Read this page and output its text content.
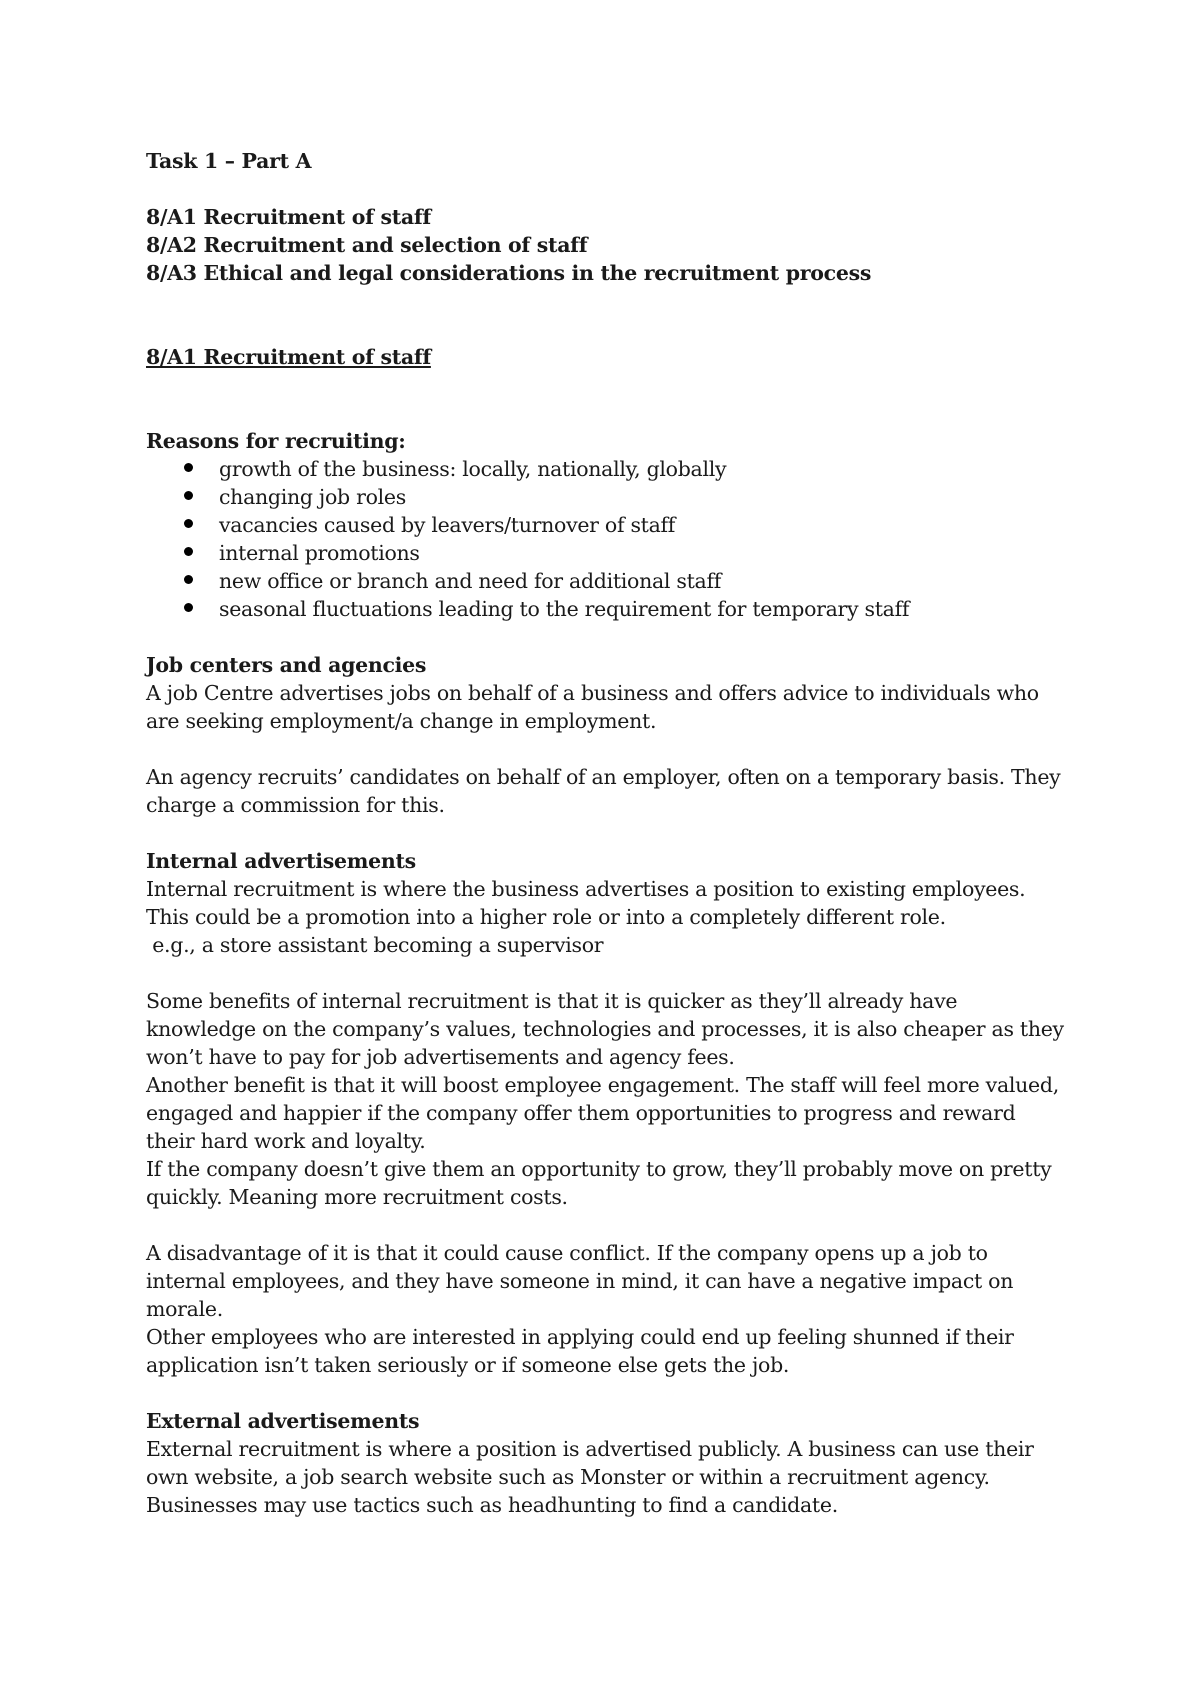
Task 1 – Part A

8/A1 Recruitment of staff

8/A2 Recruitment and selection of staff

8/A3 Ethical and legal considerations in the recruitment process

8/A1 Recruitment of staff

Reasons for recruiting:

growth of the business: locally, nationally, globally
changing job roles
vacancies caused by leavers/turnover of staff
internal promotions
new office or branch and need for additional staff
seasonal fluctuations leading to the requirement for temporary staff

Job centers and agencies

A job Centre advertises jobs on behalf of a business and offers advice to individuals who are seeking employment/a change in employment.

An agency recruits’ candidates on behalf of an employer, often on a temporary basis. They charge a commission for this.

Internal advertisements

Internal recruitment is where the business advertises a position to existing employees. This could be a promotion into a higher role or into a completely different role.

e.g., a store assistant becoming a supervisor

Some benefits of internal recruitment is that it is quicker as they’ll already have knowledge on the company’s values, technologies and processes, it is also cheaper as they won’t have to pay for job advertisements and agency fees.

Another benefit is that it will boost employee engagement. The staff will feel more valued, engaged and happier if the company offer them opportunities to progress and reward their hard work and loyalty.

If the company doesn’t give them an opportunity to grow, they’ll probably move on pretty quickly. Meaning more recruitment costs.

A disadvantage of it is that it could cause conflict. If the company opens up a job to internal employees, and they have someone in mind, it can have a negative impact on morale.

Other employees who are interested in applying could end up feeling shunned if their application isn’t taken seriously or if someone else gets the job.

External advertisements

External recruitment is where a position is advertised publicly. A business can use their own website, a job search website such as Monster or within a recruitment agency.

Businesses may use tactics such as headhunting to find a candidate.
